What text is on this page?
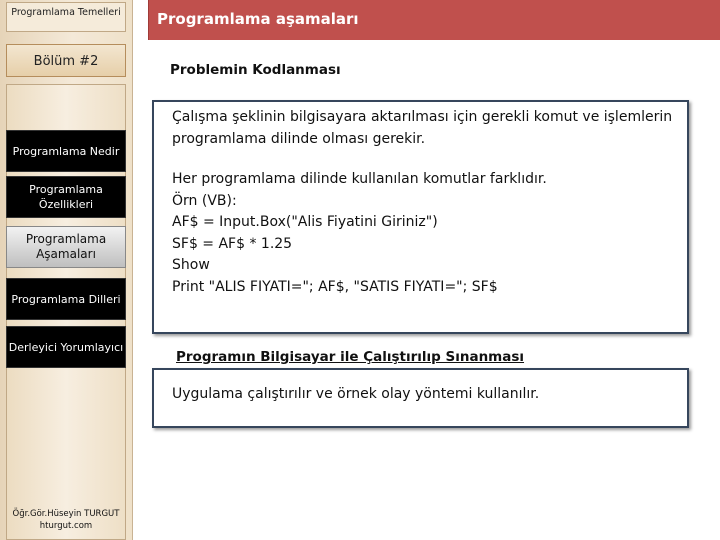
Programlama Temelleri
Bölüm #2
Programlama Nedir
Programlama Özellikleri
Programlama Aşamaları
Programlama Dilleri
Derleyici Yorumlayıcı
Öğr.Gör.Hüseyin TURGUT
hturgut.com
Programlama aşamaları
Problemin Kodlanması

Çalışma şeklinin bilgisayara aktarılması için gerekli komut ve işlemlerin
programlama dilinde olması gerekir.

Her programlama dilinde kullanılan komutlar farklıdır.
Örn (VB):
AF$ = Input.Box("Alis Fiyatini Giriniz")
SF$ = AF$ * 1.25
Show
Print "ALIS FIYATI="; AF$, "SATIS FIYATI="; SF$

Programın Bilgisayar ile Çalıştırılıp Sınanması

Uygulama çalıştırılır ve örnek olay yöntemi kullanılır.
